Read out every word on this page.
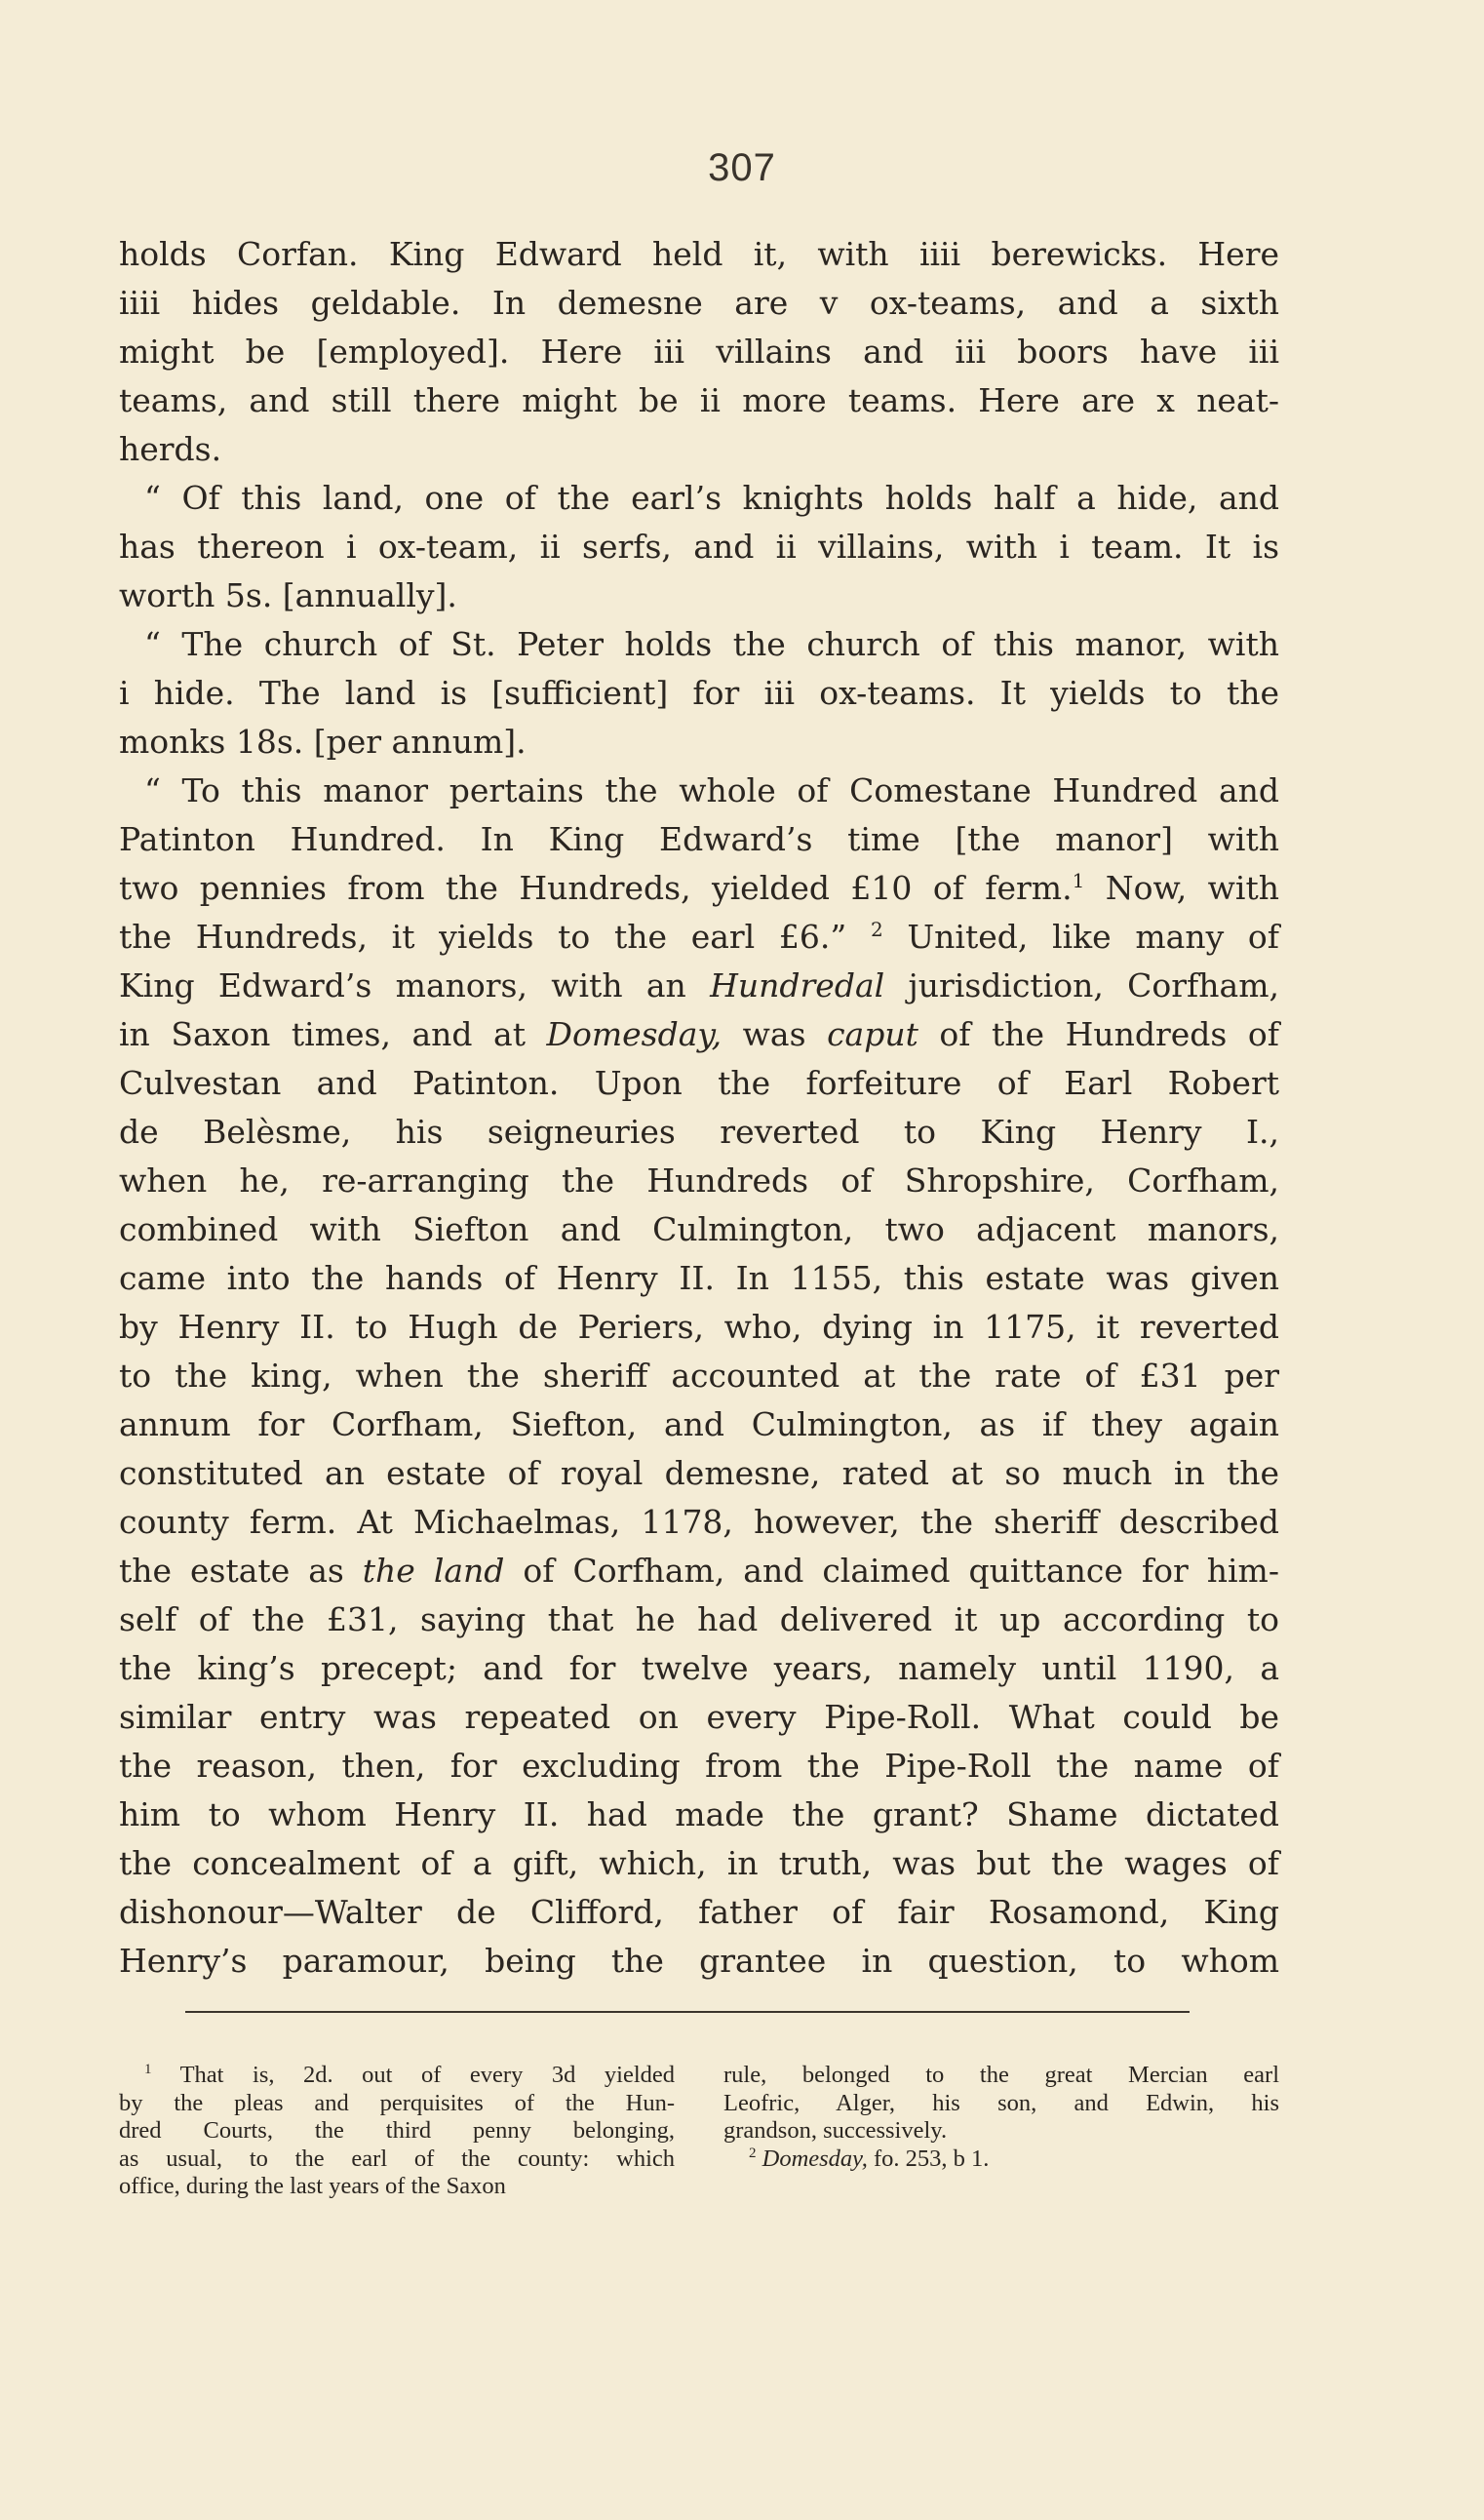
307
holds Corfan. King Edward held it, with iiii berewicks. Here
iiii hides geldable. In demesne are v ox-teams, and a sixth
might be [employed]. Here iii villains and iii boors have iii
teams, and still there might be ii more teams. Here are x neat-
herds.
“ Of this land, one of the earl’s knights holds half a hide, and
has thereon i ox-team, ii serfs, and ii villains, with i team. It is
worth 5s. [annually].
“ The church of St. Peter holds the church of this manor, with
i hide. The land is [sufficient] for iii ox-teams. It yields to the
monks 18s. [per annum].
“ To this manor pertains the whole of Comestane Hundred and
Patinton Hundred. In King Edward’s time [the manor] with
two pennies from the Hundreds, yielded £10 of ferm.$^1$ Now, with
the Hundreds, it yields to the earl £6.” $^2$ United, like many of
King Edward’s manors, with an Hundredal jurisdiction, Corfham,
in Saxon times, and at Domesday, was caput of the Hundreds of
Culvestan and Patinton. Upon the forfeiture of Earl Robert
de Belèsme, his seigneuries reverted to King Henry I.,
when he, re-arranging the Hundreds of Shropshire, Corfham,
combined with Siefton and Culmington, two adjacent manors,
came into the hands of Henry II. In 1155, this estate was given
by Henry II. to Hugh de Periers, who, dying in 1175, it reverted
to the king, when the sheriff accounted at the rate of £31 per
annum for Corfham, Siefton, and Culmington, as if they again
constituted an estate of royal demesne, rated at so much in the
county ferm. At Michaelmas, 1178, however, the sheriff described
the estate as the land of Corfham, and claimed quittance for him-
self of the £31, saying that he had delivered it up according to
the king’s precept; and for twelve years, namely until 1190, a
similar entry was repeated on every Pipe-Roll. What could be
the reason, then, for excluding from the Pipe-Roll the name of
him to whom Henry II. had made the grant? Shame dictated
the concealment of a gift, which, in truth, was but the wages of
dishonour—Walter de Clifford, father of fair Rosamond, King
Henry’s paramour, being the grantee in question, to whom
$^1$ That is, 2d. out of every 3d yielded
by the pleas and perquisites of the Hun-
dred Courts, the third penny belonging,
as usual, to the earl of the county: which
office, during the last years of the Saxon
rule, belonged to the great Mercian earl
Leofric, Alger, his son, and Edwin, his
grandson, successively.
$^2$ Domesday, fo. 253, b 1.
